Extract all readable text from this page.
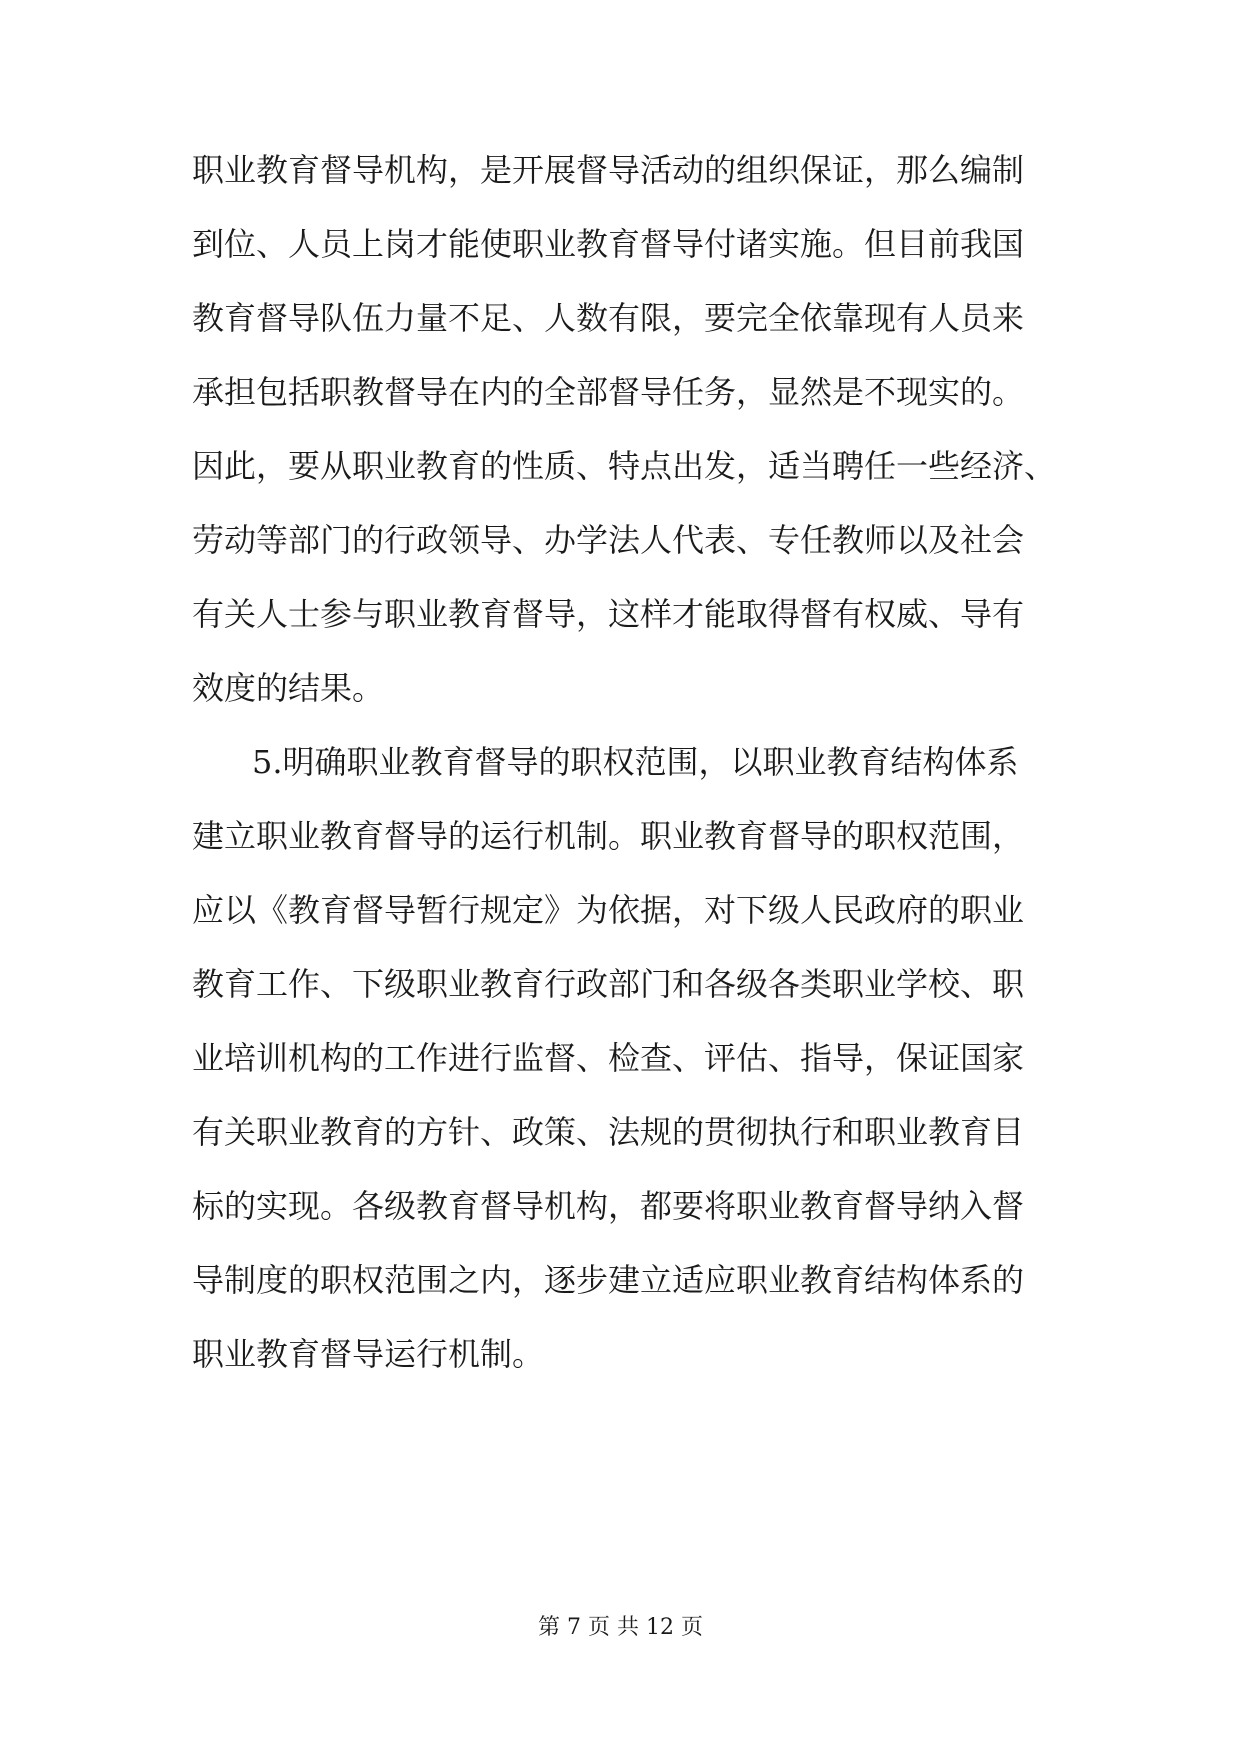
职业教育督导机构，是开展督导活动的组织保证，那么编制
到位、人员上岗才能使职业教育督导付诸实施。但目前我国
教育督导队伍力量不足、人数有限，要完全依靠现有人员来
承担包括职教督导在内的全部督导任务，显然是不现实的。
因此，要从职业教育的性质、特点出发，适当聘任一些经济、
劳动等部门的行政领导、办学法人代表、专任教师以及社会
有关人士参与职业教育督导，这样才能取得督有权威、导有
效度的结果。
5.明确职业教育督导的职权范围，以职业教育结构体系
建立职业教育督导的运行机制。职业教育督导的职权范围，
应以《教育督导暂行规定》为依据，对下级人民政府的职业
教育工作、下级职业教育行政部门和各级各类职业学校、职
业培训机构的工作进行监督、检查、评估、指导，保证国家
有关职业教育的方针、政策、法规的贯彻执行和职业教育目
标的实现。各级教育督导机构，都要将职业教育督导纳入督
导制度的职权范围之内，逐步建立适应职业教育结构体系的
职业教育督导运行机制。
第 7 页 共 12 页
